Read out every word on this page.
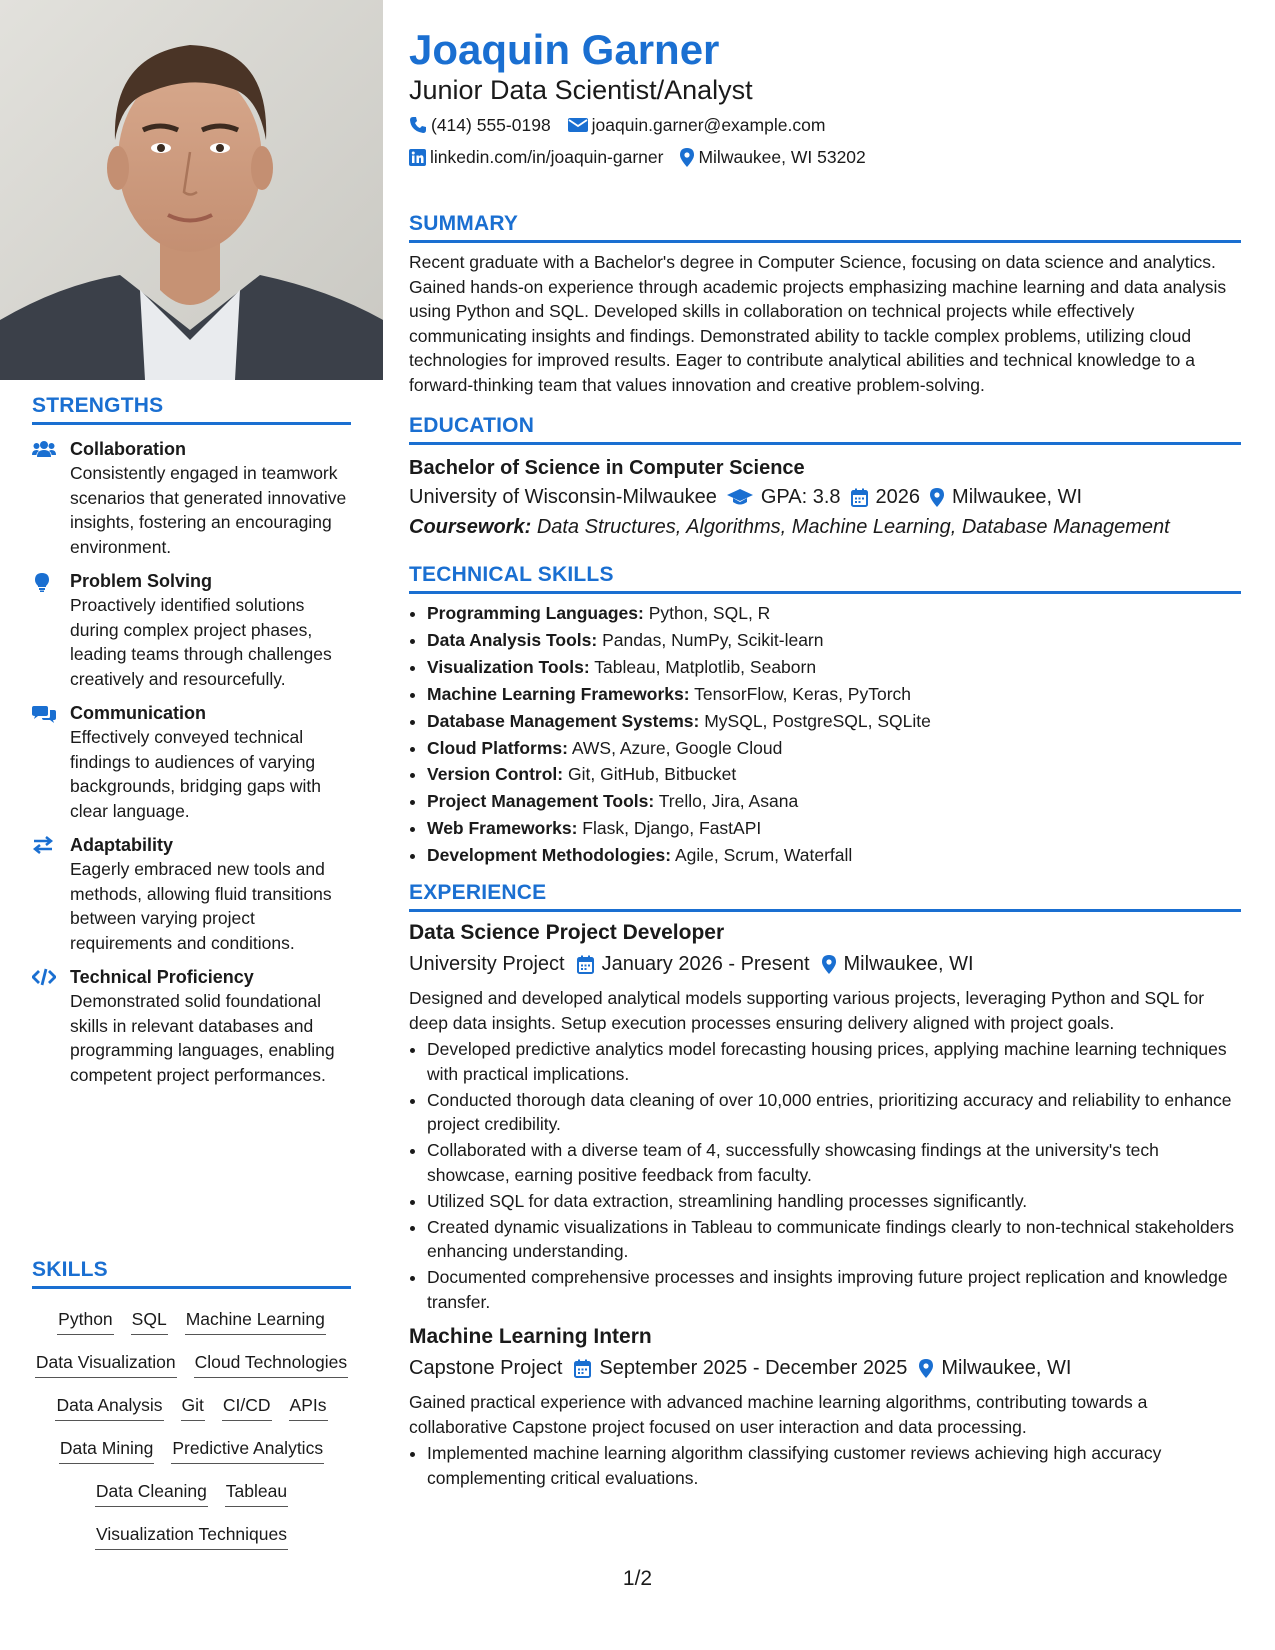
STRENGTHS
Collaboration
Consistently engaged in teamwork scenarios that generated innovative insights, fostering an encouraging environment.
Problem Solving
Proactively identified solutions during complex project phases, leading teams through challenges creatively and resourcefully.
Communication
Effectively conveyed technical findings to audiences of varying backgrounds, bridging gaps with clear language.
Adaptability
Eagerly embraced new tools and methods, allowing fluid transitions between varying project requirements and conditions.
Technical Proficiency
Demonstrated solid foundational skills in relevant databases and programming languages, enabling competent project performances.
SKILLS
Python SQL Machine Learning
Data Visualization Cloud Technologies
Data Analysis Git CI/CD APIs
Data Mining Predictive Analytics
Data Cleaning Tableau
Visualization Techniques
Joaquin Garner
Junior Data Scientist/Analyst
(414) 555-0198 joaquin.garner@example.com
linkedin.com/in/joaquin-garner Milwaukee, WI 53202
SUMMARY
Recent graduate with a Bachelor's degree in Computer Science, focusing on data science and analytics. Gained hands-on experience through academic projects emphasizing machine learning and data analysis using Python and SQL. Developed skills in collaboration on technical projects while effectively communicating insights and findings. Demonstrated ability to tackle complex problems, utilizing cloud technologies for improved results. Eager to contribute analytical abilities and technical knowledge to a forward-thinking team that values innovation and creative problem-solving.
EDUCATION
Bachelor of Science in Computer Science
University of Wisconsin-Milwaukee GPA: 3.8 2026 Milwaukee, WI
Coursework: Data Structures, Algorithms, Machine Learning, Database Management
TECHNICAL SKILLS
• Programming Languages: Python, SQL, R
• Data Analysis Tools: Pandas, NumPy, Scikit-learn
• Visualization Tools: Tableau, Matplotlib, Seaborn
• Machine Learning Frameworks: TensorFlow, Keras, PyTorch
• Database Management Systems: MySQL, PostgreSQL, SQLite
• Cloud Platforms: AWS, Azure, Google Cloud
• Version Control: Git, GitHub, Bitbucket
• Project Management Tools: Trello, Jira, Asana
• Web Frameworks: Flask, Django, FastAPI
• Development Methodologies: Agile, Scrum, Waterfall
EXPERIENCE
Data Science Project Developer
University Project January 2026 - Present Milwaukee, WI
Designed and developed analytical models supporting various projects, leveraging Python and SQL for deep data insights. Setup execution processes ensuring delivery aligned with project goals.
• Developed predictive analytics model forecasting housing prices, applying machine learning techniques with practical implications.
• Conducted thorough data cleaning of over 10,000 entries, prioritizing accuracy and reliability to enhance project credibility.
• Collaborated with a diverse team of 4, successfully showcasing findings at the university's tech showcase, earning positive feedback from faculty.
• Utilized SQL for data extraction, streamlining handling processes significantly.
• Created dynamic visualizations in Tableau to communicate findings clearly to non-technical stakeholders enhancing understanding.
• Documented comprehensive processes and insights improving future project replication and knowledge transfer.
Machine Learning Intern
Capstone Project September 2025 - December 2025 Milwaukee, WI
Gained practical experience with advanced machine learning algorithms, contributing towards a collaborative Capstone project focused on user interaction and data processing.
• Implemented machine learning algorithm classifying customer reviews achieving high accuracy complementing critical evaluations.
1/2
